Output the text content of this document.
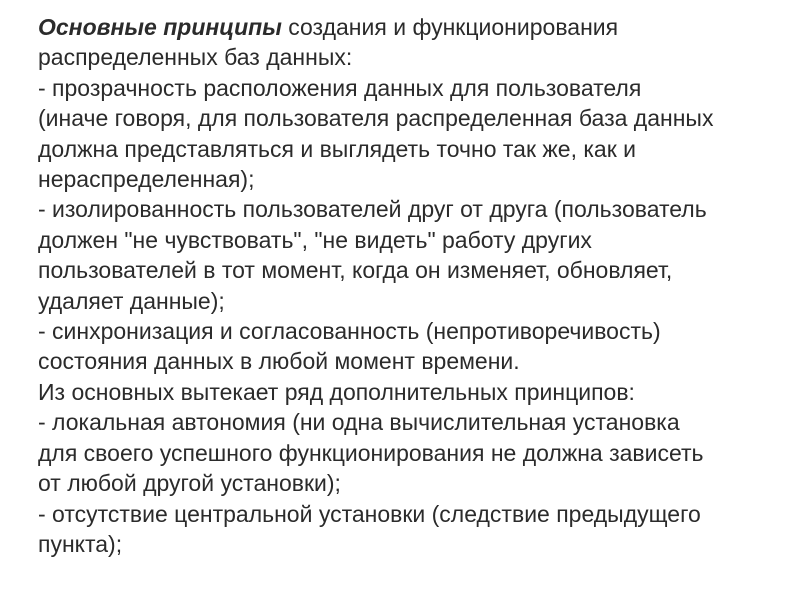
Основные принципы создания и функционирования
распределенных баз данных:
- прозрачность расположения данных для пользователя
(иначе говоря, для пользователя распределенная база данных
должна представляться и выглядеть точно так же, как и
нераспределенная);
- изолированность пользователей друг от друга (пользователь
должен "не чувствовать", "не видеть" работу других
пользователей в тот момент, когда он изменяет, обновляет,
удаляет данные);
- синхронизация и согласованность (непротиворечивость)
состояния данных в любой момент времени.
Из основных вытекает ряд дополнительных принципов:
- локальная автономия (ни одна вычислительная установка
для своего успешного функционирования не должна зависеть
от любой другой установки);
- отсутствие центральной установки (следствие предыдущего
пункта);
